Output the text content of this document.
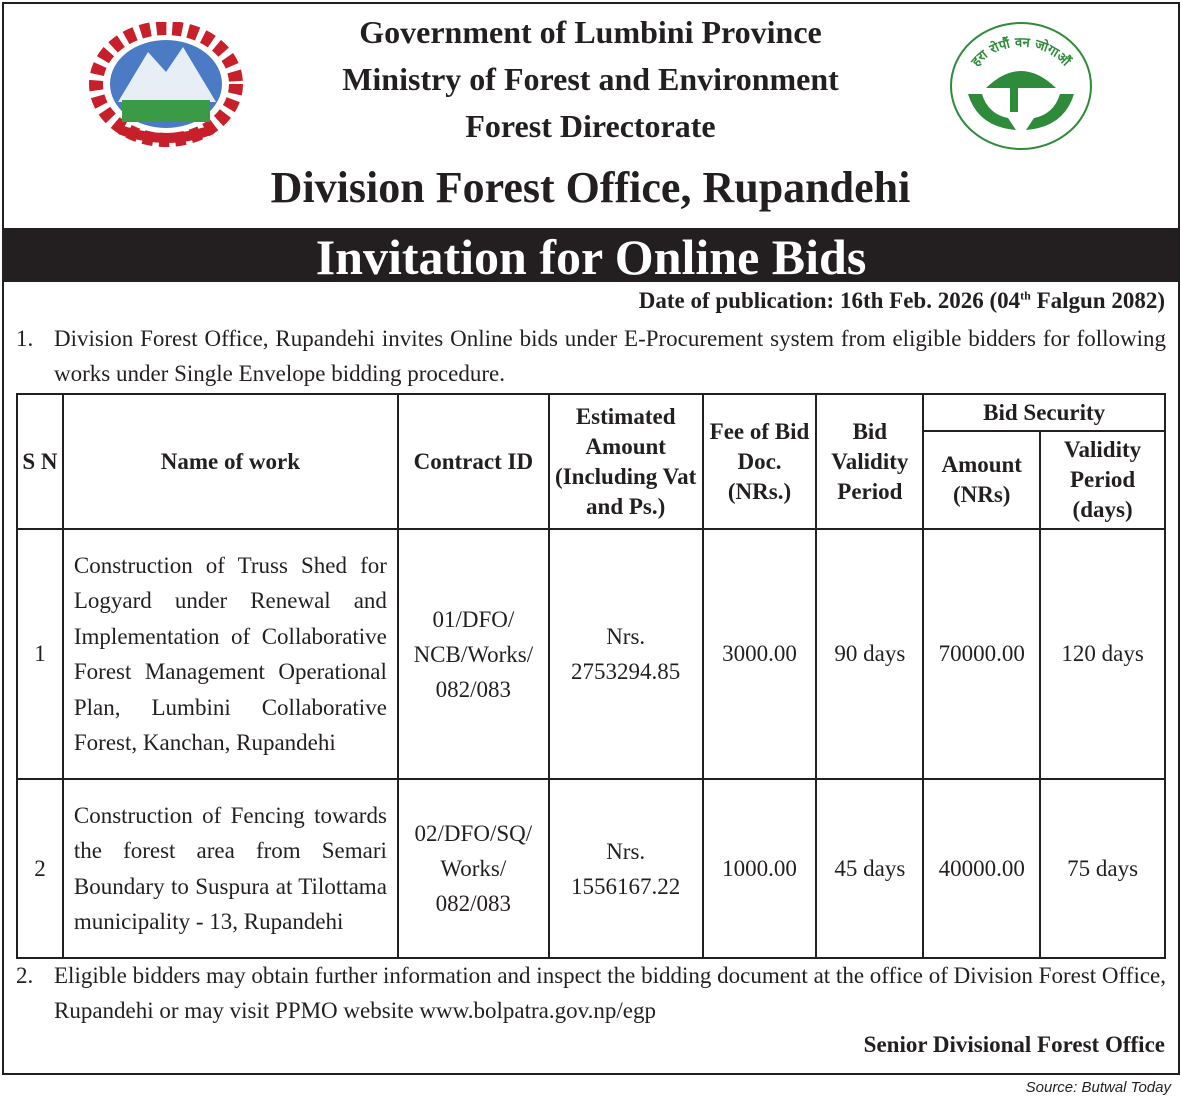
हरा रोपौं वन जोगाऔं
Government of Lumbini Province
Ministry of Forest and Environment
Forest Directorate
Division Forest Office, Rupandehi
Invitation for Online Bids
Date of publication: 16th Feb. 2026 (04th Falgun 2082)
1. Division Forest Office, Rupandehi invites Online bids under E-Procurement system from eligible bidders for following works under Single Envelope bidding procedure.
S N	Name of work	Contract ID	Estimated Amount (Including Vat and Ps.)	Fee of Bid Doc. (NRs.)	Bid Validity Period	Bid Security	
						Amount (NRs)	Validity Period (days)
1	Construction of Truss Shed for Logyard under Renewal and Implementation of Collaborative Forest Management Operational Plan, Lumbini Collaborative Forest, Kanchan, Rupandehi	01/DFO/ NCB/Works/ 082/083	Nrs. 2753294.85	3000.00	90 days	70000.00	120 days
2	Construction of Fencing towards the forest area from Semari Boundary to Suspura at Tilottama municipality - 13, Rupandehi	02/DFO/SQ/ Works/ 082/083	Nrs. 1556167.22	1000.00	45 days	40000.00	75 days
2. Eligible bidders may obtain further information and inspect the bidding document at the office of Division Forest Office, Rupandehi or may visit PPMO website www.bolpatra.gov.np/egp
Senior Divisional Forest Office
Source: Butwal Today
